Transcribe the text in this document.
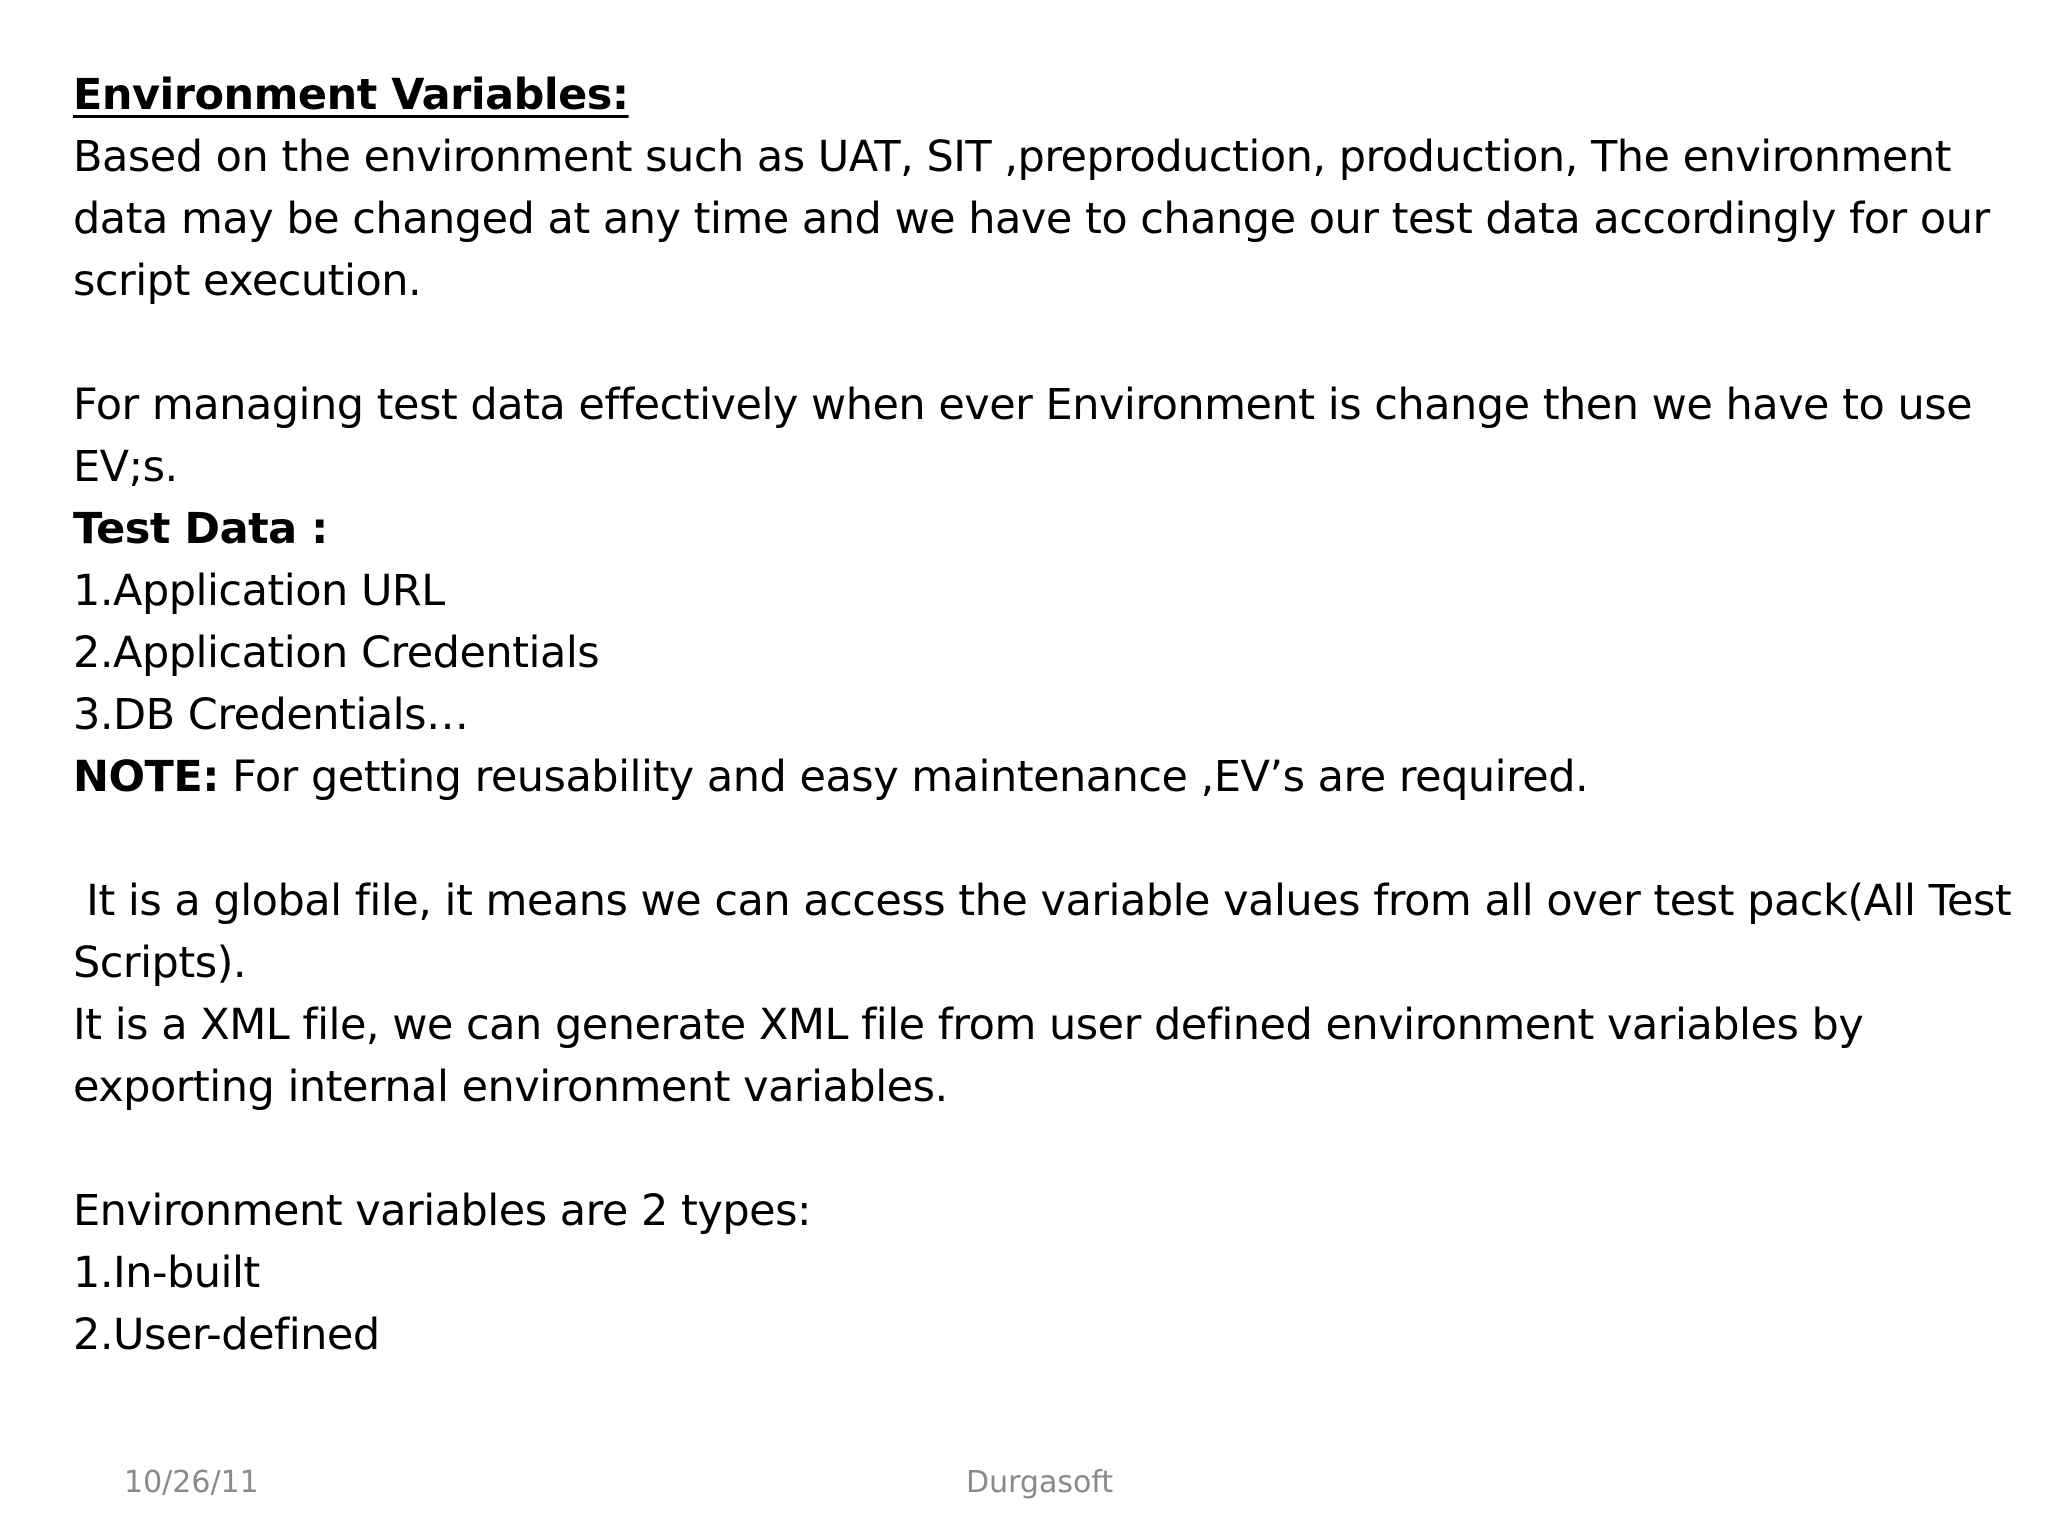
Environment Variables:
Based on the environment such as UAT, SIT ,preproduction, production, The environment
data may be changed at any time and we have to change our test data accordingly for our
script execution.
For managing test data effectively when ever Environment is change then we have to use
EV;s.
Test Data :
1.Application URL
2.Application Credentials
3.DB Credentials…
NOTE: For getting reusability and easy maintenance ,EV’s are required.
It is a global file, it means we can access the variable values from all over test pack(All Test
Scripts).
It is a XML file, we can generate XML file from user defined environment variables by
exporting internal environment variables.
Environment variables are 2 types:
1.In-built
2.User-defined
10/26/11	Durgasoft
